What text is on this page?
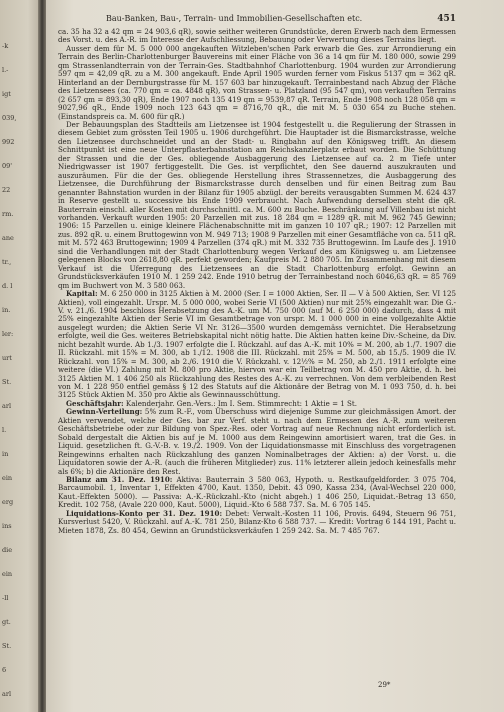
-k
l.-
igt
039,
992
09'
22
rm.
ane
tr.,
d. l
in.
ler:
urt
St.
arl
l.
in
ein
erg
ins
die
ein
-ll
gt.
St.
6
arl
Bau-Banken, Bau-, Terrain- und Immobilien-Gesellschaften etc.	451

ca. 35 ha 32 a 42 qm = 24 903,6 qR), sowie seither weiteren Grundstücke, deren Erwerb nach dem Ermessen des Vorst. u. des A.-R. im Interesse der Aufschliessung, Bebauung oder Verwertung dieses Terrains liegt.

Ausser dem für M. 5 000 000 angekauften Witzleben'schen Park erwarb die Ges. zur Arrondierung ein Terrain des Berlin-Charlottenburger Bauvereins mit einer Fläche von 36 a 14 qm für M. 180 000, sowie 299 qm Strassenlandterrain von der Terrain-Ges. Stadtbahnhof Charlottenburg. 1904 wurden zur Arrondierung 597 qm = 42,09 qR. zu a M. 300 angekauft. Ende April 1905 wurden ferner vom Fiskus 5137 qm = 362 qR. Hinterland an der Dernburgstrasse für M. 157 603 bar hinzugekauft. Terrainbestand nach Abzug der Fläche des Lietzensees (ca. 770 qm = ca. 4848 qR), von Strassen- u. Platzland (95 547 qm), von verkauften Terrains (2 657 qm = 893,30 qR), Ende 1907 noch 135 419 qm = 9539,87 qR. Terrain, Ende 1908 noch 128 058 qm = 9027,96 qR., Ende 1909 noch 123 643 qm = 8716,70 qR., die mit M. 5 030 654 zu Buche stehen. (Einstandspreis ca. M. 600 für qR.)

Der Bebauungsplan des Stadtteils am Lietzensee ist 1904 festgestellt u. die Regulierung der Strassen in diesem Gebiet zum grössten Teil 1905 u. 1906 durchgeführt. Die Hauptader ist die Bismarckstrasse, welche den Lietzensee durchschneidet und an der Stadt- u. Ringbahn auf den Königsweg trifft. An diesem Schnittpunkt ist eine neue Unterpflasterbahnstation am Reichskanzlerplatz erbaut worden. Die Schüttung der Strassen und die der Ges. obliegende Ausbaggerung des Lietzensee auf ca. 2 m Tiefe unter Niedrigwasser ist 1907 fertiggestellt. Die Ges. ist verpflichtet, den See dauernd auszukrauten und auszuräumen. Für die der Ges. obliegende Herstellung ihres Strassennetzes, die Ausbaggerung des Lietzensee, die Durchführung der Bismarckstrasse durch denselben und für einen Beitrag zum Bau genannter Bahnstation wurden in der Bilanz für 1905 abzügl. der bereits verausgabten Summen M. 624 437 in Reserve gestellt u. successive bis Ende 1909 verbraucht. Nach Aufwendung derselben steht die qR. Bauterrain einschl. aller Kosten mit durchschnittl. ca. M. 600 zu Buche. Beschränkung auf Villenbau ist nicht vorhanden. Verkauft wurden 1905: 20 Parzellen mit zus. 18 284 qm = 1289 qR. mit M. 962 745 Gewinn; 1906: 15 Parzellen u. einige kleinere Flächenabschnitte mit im ganzen 10 107 qR.; 1907: 12 Parzellen mit zus. 892 qR. u. einem Bruttogewinn von M. 949 713; 1908 9 Parzellen mit einer Gesamtfläche von ca. 511 qR. mit M. 572 463 Bruttogewinn; 1909 4 Parzellen (374 qR.) mit M. 332 735 Bruttogewinn. Im Laufe des J. 1910 sind die Verhandlungen mit der Stadt Charlottenburg wegen Verkauf des am Königsweg u. am Lietzensee gelegenen Blocks von 2618,80 qR. perfekt geworden; Kaufpreis M. 2 880 705. Im Zusammenhang mit diesem Verkauf ist die Uferregung des Lietzensees an die Stadt Charlottenburg erfolgt. Gewinn an Grundstücksverkäufen 1910 M. 1 259 242. Ende 1910 betrug der Terrainbestand noch 6046,63 qR. = 85 769 qm im Buchwert von M. 3 580 063.

Kapital: M. 6 250 000 in 3125 Aktien à M. 2000 (Ser. I = 1000 Aktien, Ser. II — V à 500 Aktien, Ser. VI 125 Aktien), voll eingezahlt. Urspr. M. 5 000 000, wobei Serie VI (500 Aktien) nur mit 25% eingezahlt war. Die G.-V. v. 21./6. 1904 beschloss Herabsetzung des A.-K. um M. 750 000 (auf M. 6 250 000) dadurch, dass 4 mit 25% eingezahlte Aktien der Serie VI im Gesamtbetrage von urspr. M. 1 000 000 in eine vollgezahlte Aktie ausgelegt wurden; die Aktien Serie VI Nr. 3126—3500 wurden demgemäss vernichtet. Die Herabsetzung erfolgte, weil die Ges. weiteres Betriebskapital nicht nötig hatte. Die Aktien hatten keine Div.-Scheine, da Div. nicht bezahlt wurde. Ab 1./3. 1907 erfolgte die I. Rückzahl. auf das A.-K. mit 10% = M. 200, ab 1./7. 1907 die II. Rückzahl. mit 15% = M. 300, ab 1./12. 1908 die III. Rückzahl. mit 25% = M. 500, ab 15./5. 1909 die IV. Rückzahl. von 15% = M. 300, ab 2./6. 1910 die V. Rückzahl. v. 12½% = M. 250, ab 2./1. 1911 erfolgte eine weitere (die VI.) Zahlung mit M. 800 pro Aktie, hiervon war ein Teilbetrag von M. 450 pro Aktie, d. h. bei 3125 Aktien M. 1 406 250 als Rückzahlung des Restes des A.-K. zu verrechnen. Von dem verbleibenden Rest von M. 1 228 950 entfiel gemäss § 12 des Statuts auf die Aktionäre der Betrag von M. 1 093 750, d. h. bei 3125 Stück Aktien M. 350 pro Aktie als Gewinnausschüttung.

Geschäftsjahr: Kalenderjahr. Gen.-Vers.: Im I. Sem. Stimmrecht: 1 Aktie = 1 St.

Gewinn-Verteilung: 5% zum R.-F., vom Überschuss wird diejenige Summe zur gleichmässigen Amort. der Aktien verwendet, welche der Ges. bar zur Verf. steht u. nach dem Ermessen des A.-R. zum weiteren Geschäftsbetriebe oder zur Bildung von Spez.-Res. oder Vortrag auf neue Rechnung nicht erforderlich ist. Sobald dergestalt die Aktien bis auf je M. 1000 aus dem Reingewinn amortisiert waren, trat die Ges. in Liquid. gesetzlichen ft. G.-V.-B. v. 19./2. 1909. Von der Liquidationsmasse mit Einschluss des vorgetragenen Reingewinns erhalten nach Rückzahlung des ganzen Nominalbetrages der Aktien: a) der Vorst. u. die Liquidatoren sowie der A.-R. (auch die früheren Mitglieder) zus. 11% letzterer allein jedoch keinesfalls mehr als 6%; b) die Aktionäre den Rest.

Bilanz am 31. Dez. 1910: Aktiva: Bauterrain 3 580 063, Hypoth. u. Restkaufgeldforder. 3 075 704, Barcaumobil. 1, Inventar 1, Effekten 4700, Kaut. 1350, Debit. 43 090, Kassa 234, (Aval-Wechsel 220 000, Kaut.-Effekten 5000). — Passiva: A.-K.-Rückzahl.-Kto (nicht abgeh.) 1 406 250, Liquidat.-Betrag 13 650, Kredit. 102 758, (Avale 220 000, Kaut. 5000), Liquid.-Kto 6 588 737. Sa. M. 6 705 145.

Liquidations-Konto per 31. Dez. 1910: Debet: Verwalt.-Kosten 11 106, Provis. 6494, Steuern 96 751, Kursverlust 5420, V. Rückzahl. auf A.-K. 781 250, Bilanz-Kto 6 588 737. — Kredit: Vortrag 6 144 191, Pacht u. Mieten 1878, Zs. 80 454, Gewinn an Grundstücksverkäufen 1 259 242. Sa. M. 7 485 767.

29*
